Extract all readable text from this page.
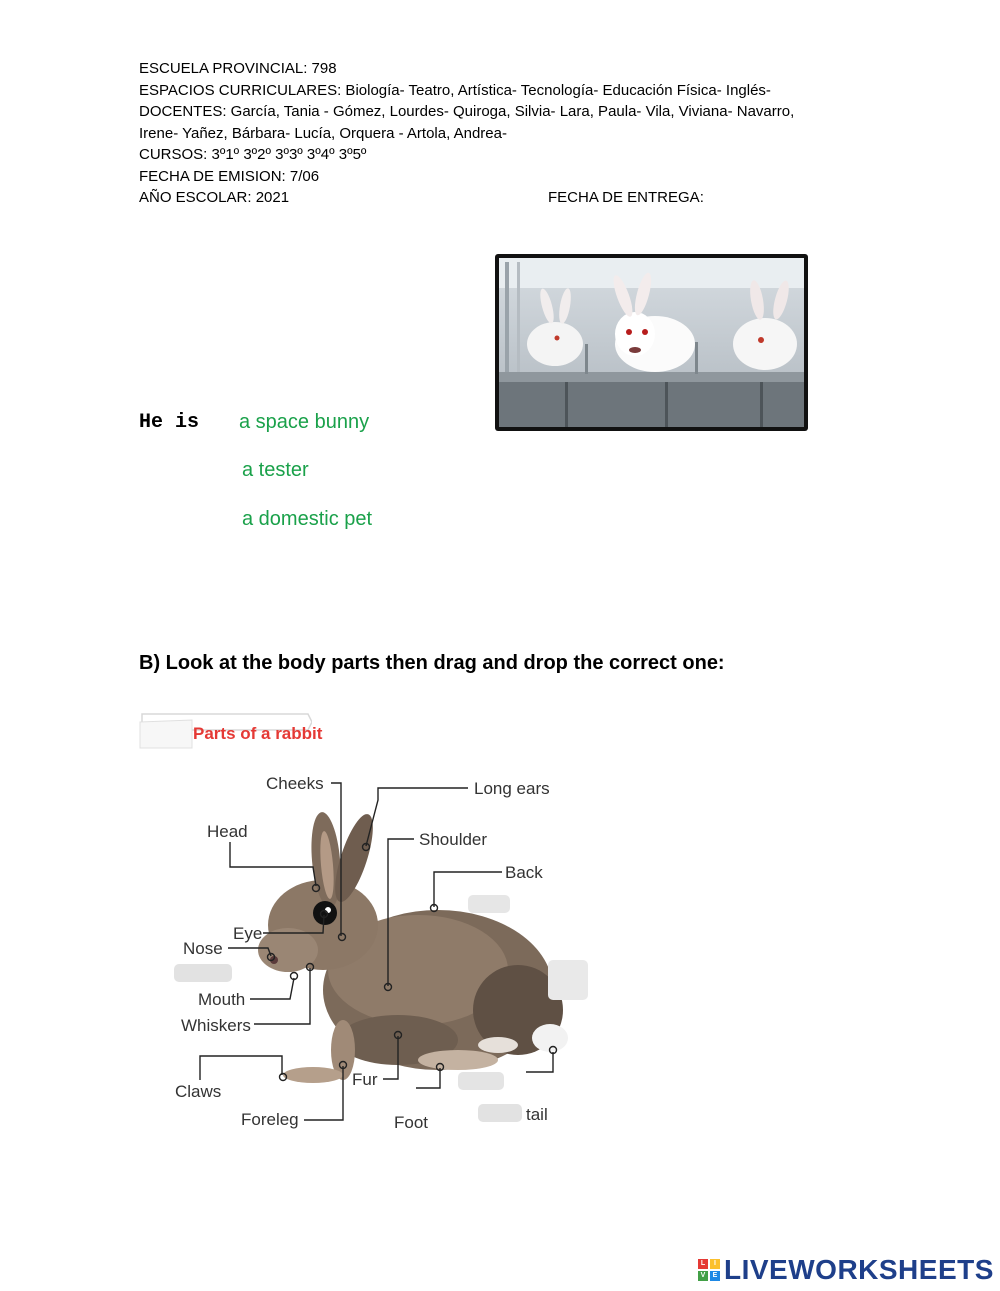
ESCUELA PROVINCIAL: 798
ESPACIOS CURRICULARES: Biología- Teatro, Artística- Tecnología- Educación Física- Inglés-
DOCENTES: García, Tania - Gómez, Lourdes- Quiroga, Silvia- Lara, Paula- Vila, Viviana- Navarro,
Irene- Yañez, Bárbara- Lucía, Orquera - Artola, Andrea-
CURSOS: 3º1º 3º2º 3º3º 3º4º 3º5º
FECHA DE EMISION: 7/06
AÑO ESCOLAR: 2021	FECHA DE ENTREGA:
He is a space bunny
a tester
a domestic pet
B) Look at the body parts then drag and drop the correct one:
Parts of a rabbit
Cheeks	Long ears
Head	Shoulder
Back
Eye
Nose
Mouth
Whiskers
Claws
Fur
Foreleg	Foot	tail
L	I
V	E LIVEWORKSHEETS
